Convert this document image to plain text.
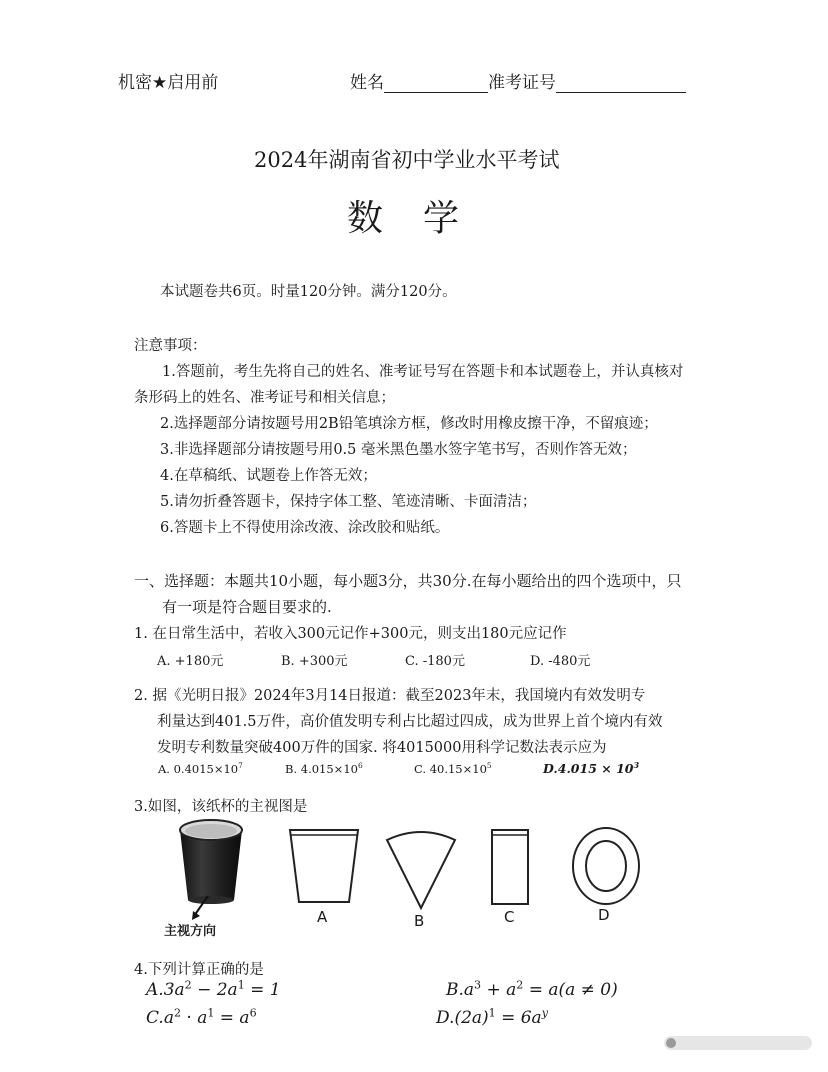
机密★启用前	姓名	准考证号
2024年湖南省初中学业水平考试
数　学
本试题卷共6页。时量120分钟。满分120分。
注意事项：
1.答题前，考生先将自己的姓名、准考证号写在答题卡和本试题卷上，并认真核对
条形码上的姓名、准考证号和相关信息；
2.选择题部分请按题号用2B铅笔填涂方框，修改时用橡皮擦干净，不留痕迹；
3.非选择题部分请按题号用0.5 毫米黑色墨水签字笔书写，否则作答无效；
4.在草稿纸、试题卷上作答无效；
5.请勿折叠答题卡，保持字体工整、笔迹清晰、卡面清洁；
6.答题卡上不得使用涂改液、涂改胶和贴纸。
一、选择题：本题共10小题，每小题3分，共30分.在每小题给出的四个选项中，只
有一项是符合题目要求的.
1. 在日常生活中，若收入300元记作+300元，则支出180元应记作
A. +180元	B. +300元	C. -180元	D. -480元
2. 据《光明日报》2024年3月14日报道：截至2023年末，我国境内有效发明专
利量达到401.5万件，高价值发明专利占比超过四成，成为世界上首个境内有效
发明专利数量突破400万件的国家. 将4015000用科学记数法表示应为
A. $0.4015\times 10^7$	B. $4.015\times 10^6$	C. $40.15\times 10^5$	$D.4.015 \times 10^3$
3.如图，该纸杯的主视图是
主视方向
A	B	C	D
4.下列计算正确的是
$A.3a^2 - 2a^1 = 1$	$B.a^3 + a^2 = a(a \ne 0)$
$C.a^2 \cdot a^1 = a^6$	$D.(2a)^1 = 6a^y$
